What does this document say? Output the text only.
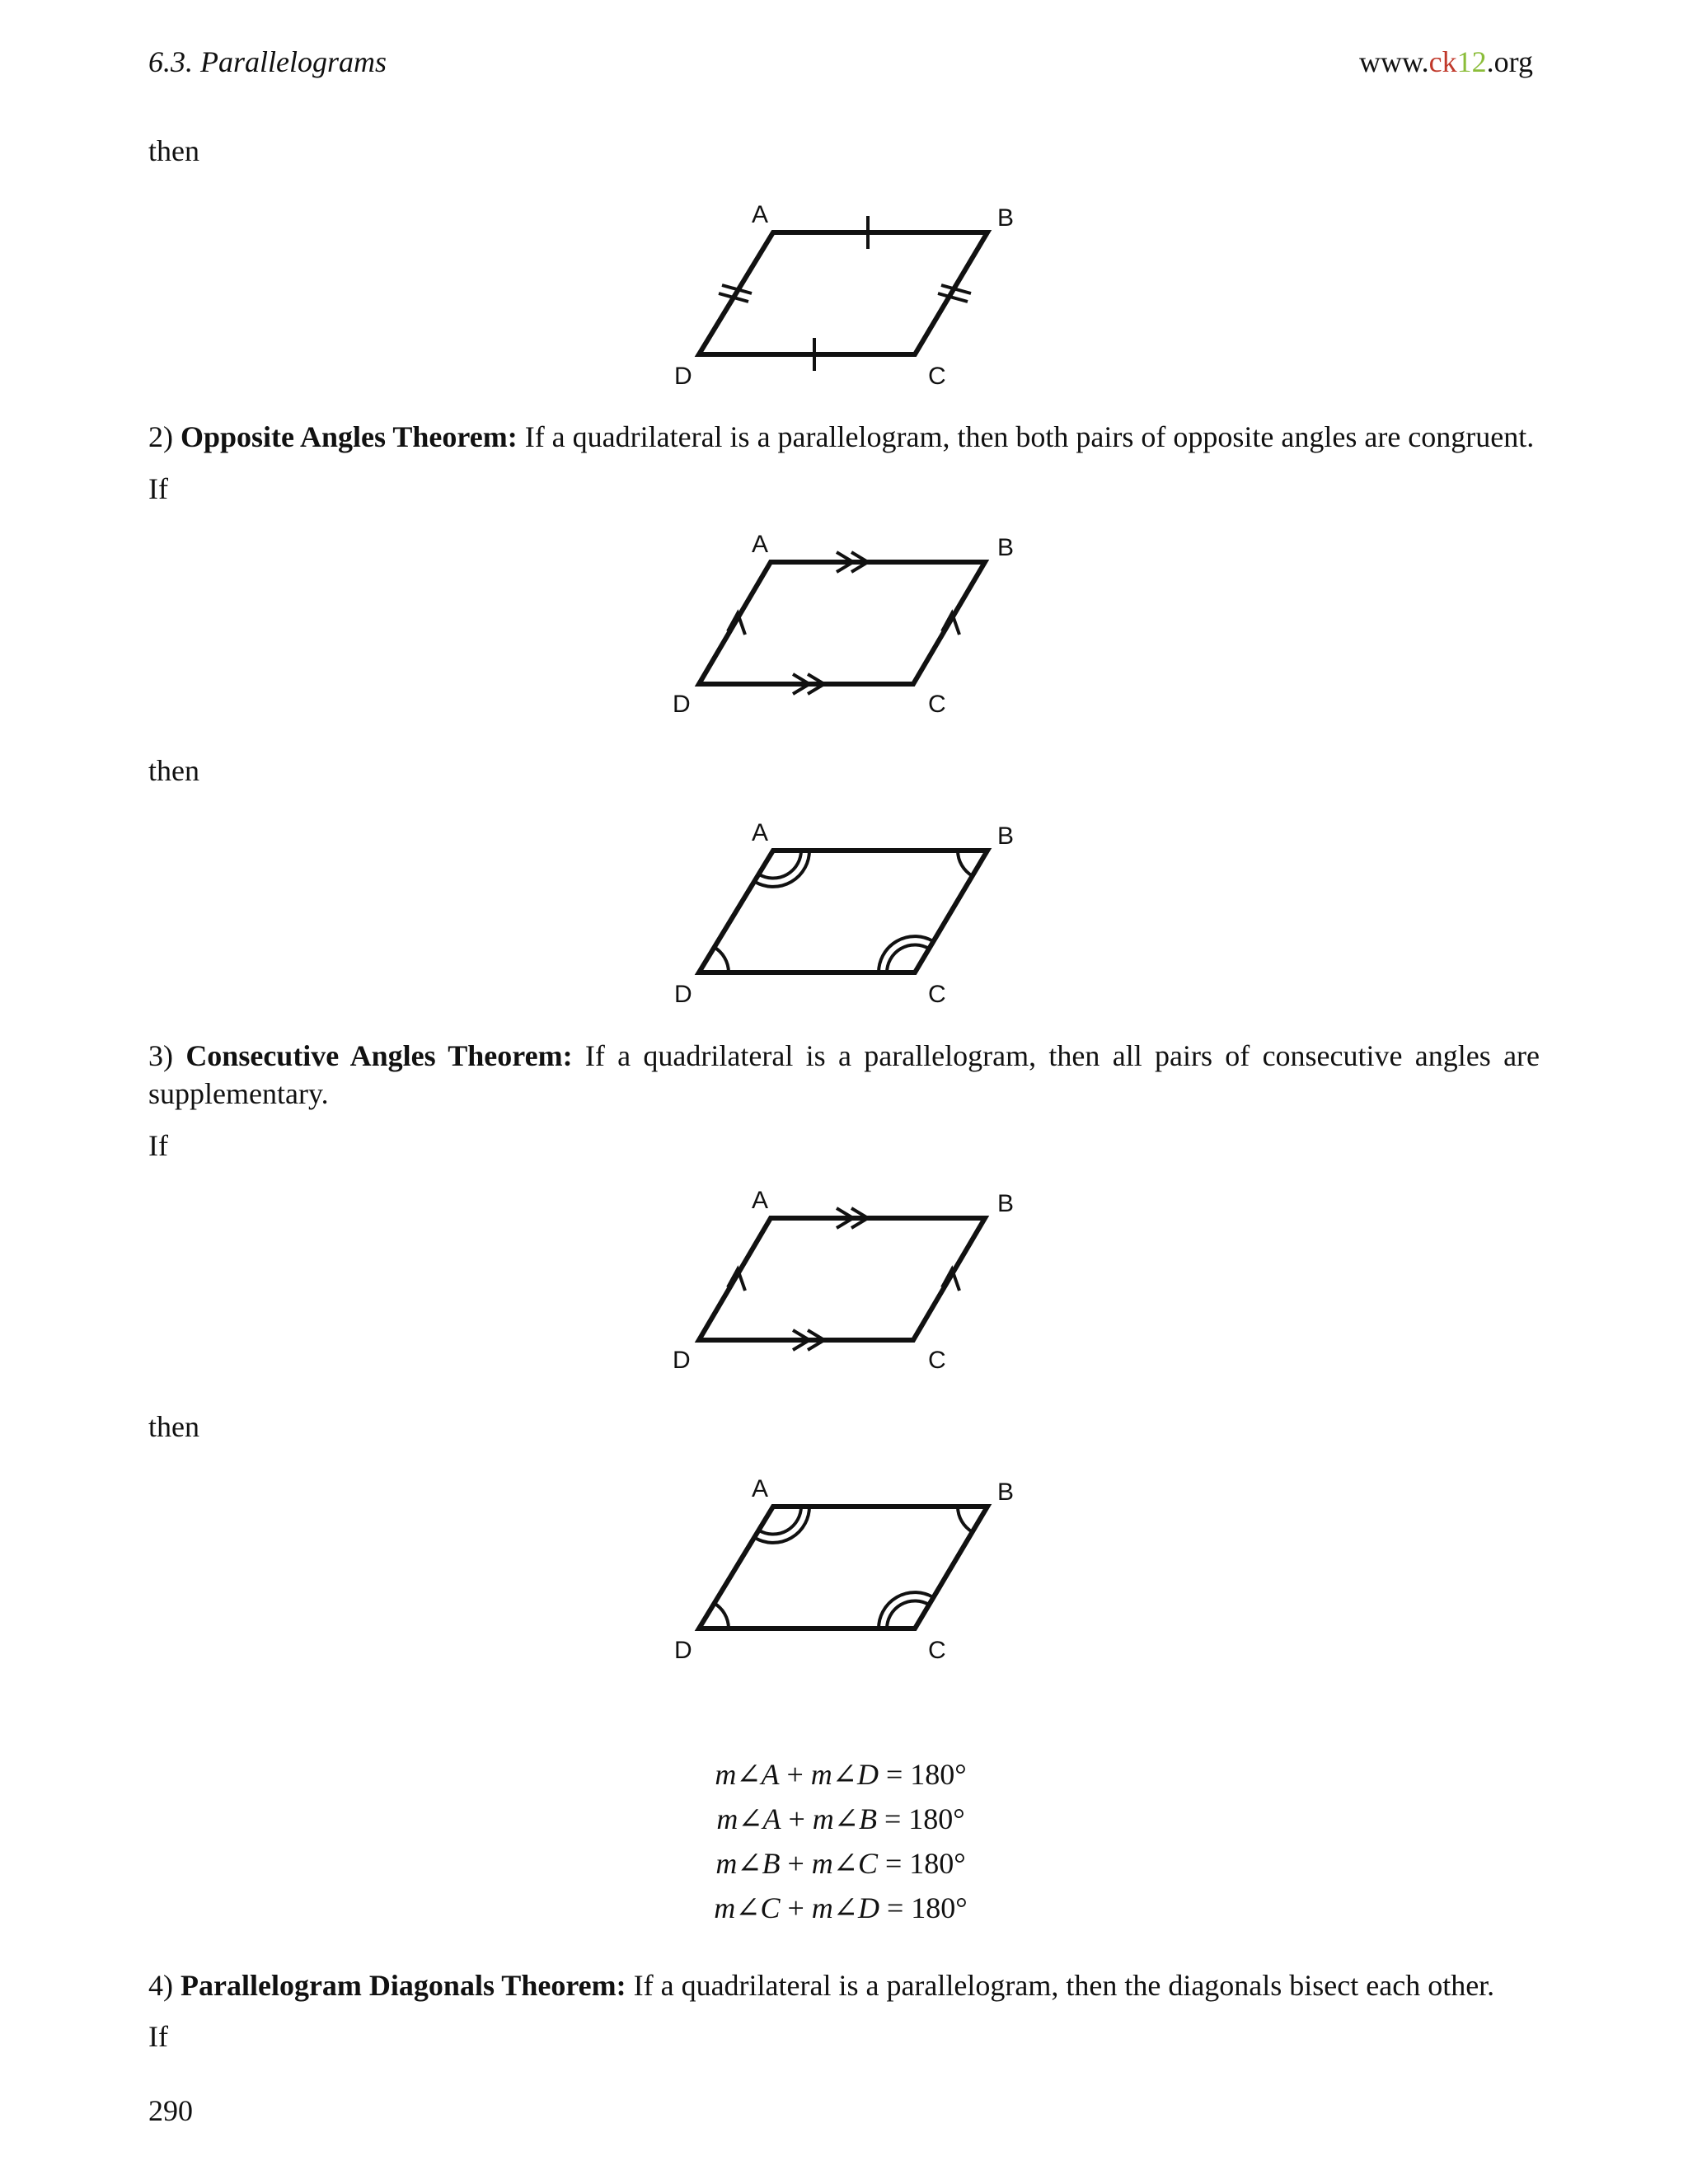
6.3. Parallelograms	www.ck12.org
then
A	B
C
D
2) Opposite Angles Theorem: If a quadrilateral is a parallelogram, then both pairs of opposite angles are congruent.
If
A	B
C
D
then
A	B
C
D
3) Consecutive Angles Theorem: If a quadrilateral is a parallelogram, then all pairs of consecutive angles are
supplementary.
If
A	B
C
D
then
A	B
C
D
m∠A + m∠D = 180°
m∠A + m∠B = 180°
m∠B + m∠C = 180°
m∠C + m∠D = 180°
4) Parallelogram Diagonals Theorem: If a quadrilateral is a parallelogram, then the diagonals bisect each other.
If
290
